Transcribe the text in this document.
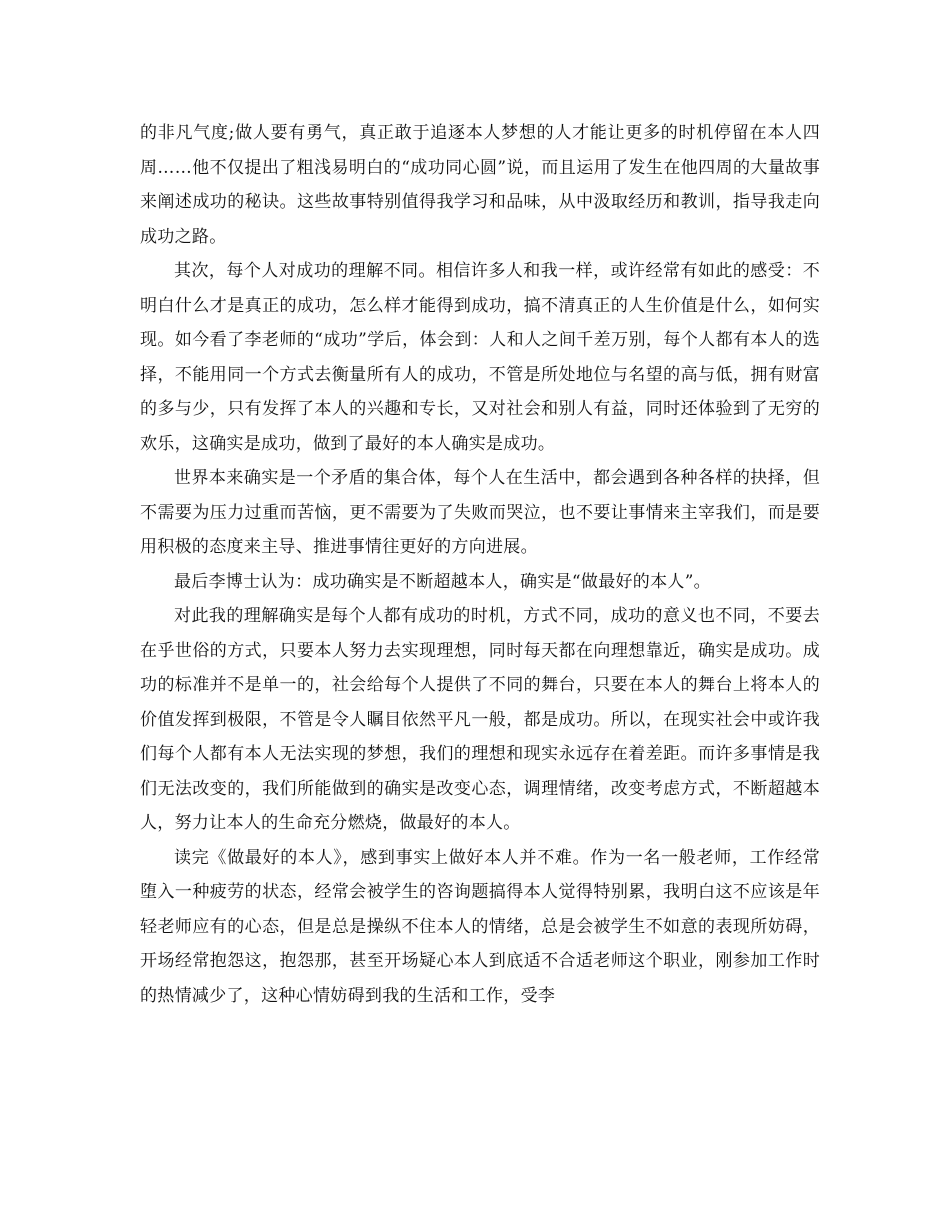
的非凡气度;做人要有勇气，真正敢于追逐本人梦想的人才能让更多的时机停留在本人四周……他不仅提出了粗浅易明白的“成功同心圆”说，而且运用了发生在他四周的大量故事来阐述成功的秘诀。这些故事特别值得我学习和品味，从中汲取经历和教训，指导我走向成功之路。

其次，每个人对成功的理解不同。相信许多人和我一样，或许经常有如此的感受：不明白什么才是真正的成功，怎么样才能得到成功，搞不清真正的人生价值是什么，如何实现。如今看了李老师的“成功”学后，体会到：人和人之间千差万别，每个人都有本人的选择，不能用同一个方式去衡量所有人的成功，不管是所处地位与名望的高与低，拥有财富的多与少，只有发挥了本人的兴趣和专长，又对社会和别人有益，同时还体验到了无穷的欢乐，这确实是成功，做到了最好的本人确实是成功。

世界本来确实是一个矛盾的集合体，每个人在生活中，都会遇到各种各样的抉择，但不需要为压力过重而苦恼，更不需要为了失败而哭泣，也不要让事情来主宰我们，而是要用积极的态度来主导、推进事情往更好的方向进展。

最后李博士认为：成功确实是不断超越本人，确实是“做最好的本人”。

对此我的理解确实是每个人都有成功的时机，方式不同，成功的意义也不同，不要去在乎世俗的方式，只要本人努力去实现理想，同时每天都在向理想靠近，确实是成功。成功的标准并不是单一的，社会给每个人提供了不同的舞台，只要在本人的舞台上将本人的价值发挥到极限，不管是令人瞩目依然平凡一般，都是成功。所以，在现实社会中或许我们每个人都有本人无法实现的梦想，我们的理想和现实永远存在着差距。而许多事情是我们无法改变的，我们所能做到的确实是改变心态，调理情绪，改变考虑方式，不断超越本人，努力让本人的生命充分燃烧，做最好的本人。

读完《做最好的本人》，感到事实上做好本人并不难。作为一名一般老师，工作经常堕入一种疲劳的状态，经常会被学生的咨询题搞得本人觉得特别累，我明白这不应该是年轻老师应有的心态，但是总是操纵不住本人的情绪，总是会被学生不如意的表现所妨碍，开场经常抱怨这，抱怨那，甚至开场疑心本人到底适不合适老师这个职业，刚参加工作时的热情减少了，这种心情妨碍到我的生活和工作，受李
